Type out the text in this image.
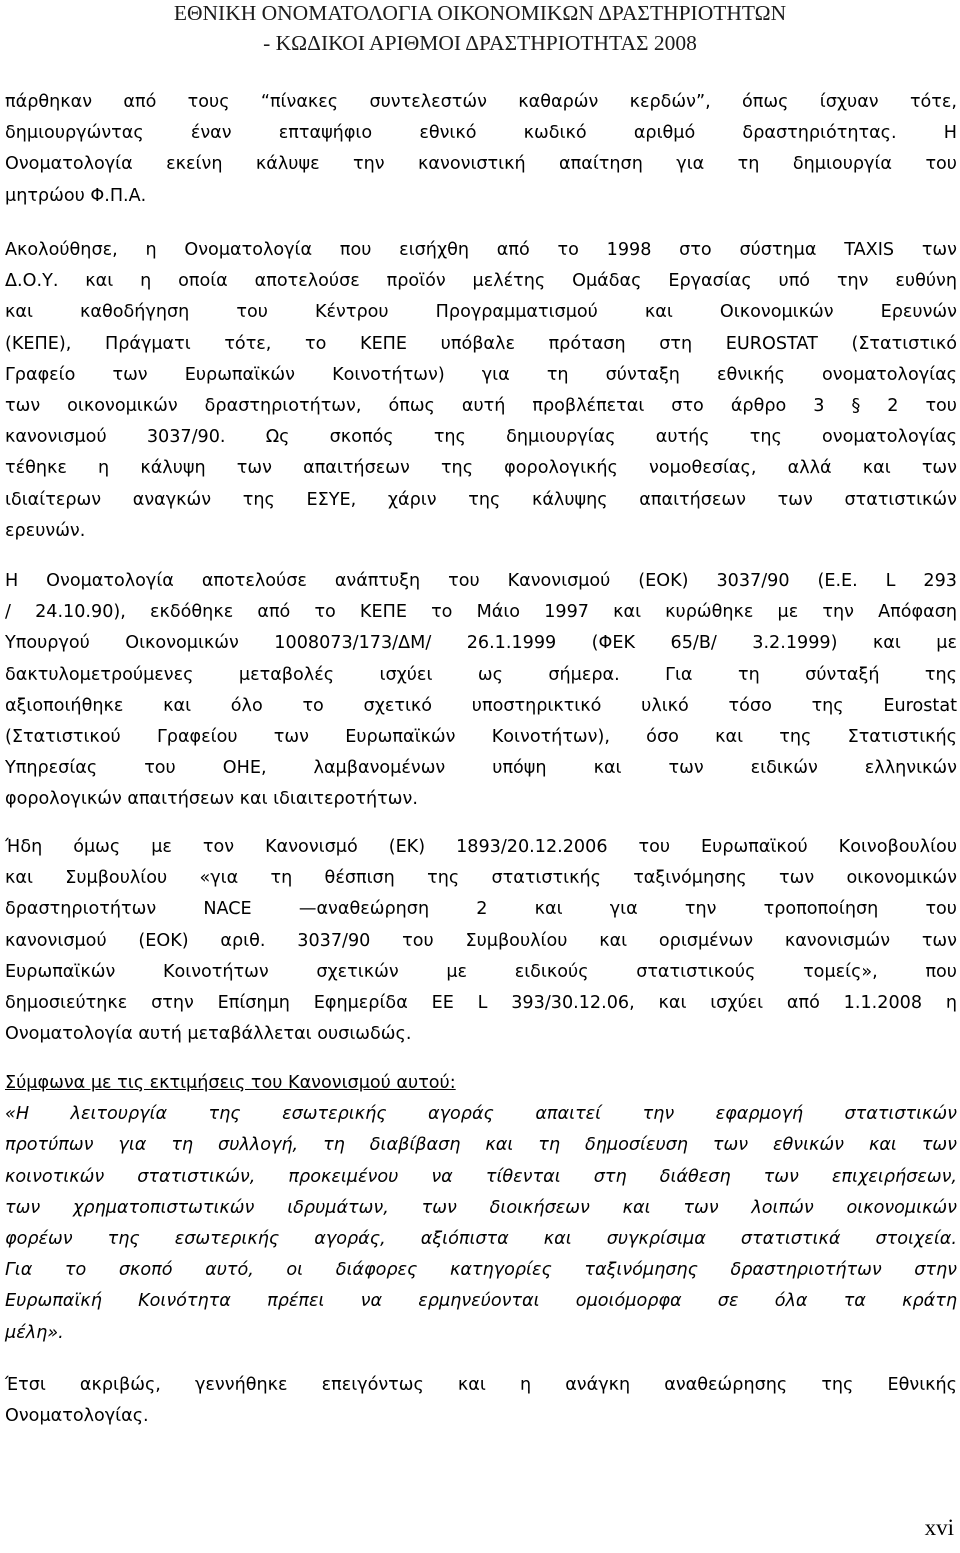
ΕΘΝΙΚΗ ΟΝΟΜΑΤΟΛΟΓΙΑ ΟΙΚΟΝΟΜΙΚΩΝ ΔΡΑΣΤΗΡΙΟΤΗΤΩΝ
- ΚΩΔΙΚΟΙ ΑΡΙΘΜΟΙ ΔΡΑΣΤΗΡΙΟΤΗΤΑΣ 2008
πάρθηκαν από τους “πίνακες συντελεστών καθαρών κερδών”, όπως ίσχυαν τότε,
δημιουργώντας έναν επταψήφιο εθνικό κωδικό αριθμό δραστηριότητας. Η
Ονοματολογία εκείνη κάλυψε την κανονιστική απαίτηση για τη δημιουργία του
μητρώου Φ.Π.Α.
Ακολούθησε, η Ονοματολογία που εισήχθη από το 1998 στο σύστημα TAXIS των
Δ.Ο.Υ. και η οποία αποτελούσε προϊόν μελέτης Ομάδας Εργασίας υπό την ευθύνη
και καθοδήγηση του Κέντρου Προγραμματισμού και Οικονομικών Ερευνών
(ΚΕΠΕ), Πράγματι τότε, το ΚΕΠΕ υπόβαλε πρόταση στη EUROSTAT (Στατιστικό
Γραφείο των Ευρωπαϊκών Κοινοτήτων) για τη σύνταξη εθνικής ονοματολογίας
των οικονομικών δραστηριοτήτων, όπως αυτή προβλέπεται στο άρθρο 3 § 2 του
κανονισμού 3037/90. Ως σκοπός της δημιουργίας αυτής της ονοματολογίας
τέθηκε η κάλυψη των απαιτήσεων της φορολογικής νομοθεσίας, αλλά και των
ιδιαίτερων αναγκών της ΕΣΥΕ, χάριν της κάλυψης απαιτήσεων των στατιστικών
ερευνών.
Η Ονοματολογία αποτελούσε ανάπτυξη του Κανονισμού (ΕΟΚ) 3037/90 (Ε.Ε. L 293
/ 24.10.90), εκδόθηκε από το ΚΕΠΕ το Μάιο 1997 και κυρώθηκε με την Απόφαση
Υπουργού Οικονομικών 1008073/173/ΔΜ/ 26.1.1999 (ΦΕΚ 65/Β/ 3.2.1999) και με
δακτυλομετρούμενες μεταβολές ισχύει ως σήμερα. Για τη σύνταξή της
αξιοποιήθηκε και όλο το σχετικό υποστηρικτικό υλικό τόσο της Eurostat
(Στατιστικού Γραφείου των Ευρωπαϊκών Κοινοτήτων), όσο και της Στατιστικής
Υπηρεσίας του ΟΗΕ, λαμβανομένων υπόψη και των ειδικών ελληνικών
φορολογικών απαιτήσεων και ιδιαιτεροτήτων.
Ήδη όμως με τον Κανονισμό (ΕΚ) 1893/20.12.2006 του Ευρωπαϊκού Κοινοβουλίου
και Συμβουλίου «για τη θέσπιση της στατιστικής ταξινόμησης των οικονομικών
δραστηριοτήτων NACE —αναθεώρηση 2 και για την τροποποίηση του
κανονισμού (ΕΟΚ) αριθ. 3037/90 του Συμβουλίου και ορισμένων κανονισμών των
Ευρωπαϊκών Κοινοτήτων σχετικών με ειδικούς στατιστικούς τομείς», που
δημοσιεύτηκε στην Επίσημη Εφημερίδα ΕΕ L 393/30.12.06, και ισχύει από 1.1.2008 η
Ονοματολογία αυτή μεταβάλλεται ουσιωδώς.
Σύμφωνα με τις εκτιμήσεις του Κανονισμού αυτού:
«Η λειτουργία της εσωτερικής αγοράς απαιτεί την εφαρμογή στατιστικών
προτύπων για τη συλλογή, τη διαβίβαση και τη δημοσίευση των εθνικών και των
κοινοτικών στατιστικών, προκειμένου να τίθενται στη διάθεση των επιχειρήσεων,
των χρηματοπιστωτικών ιδρυμάτων, των διοικήσεων και των λοιπών οικονομικών
φορέων της εσωτερικής αγοράς, αξιόπιστα και συγκρίσιμα στατιστικά στοιχεία.
Για το σκοπό αυτό, οι διάφορες κατηγορίες ταξινόμησης δραστηριοτήτων στην
Ευρωπαϊκή Κοινότητα πρέπει να ερμηνεύονται ομοιόμορφα σε όλα τα κράτη
μέλη».
Έτσι ακριβώς, γεννήθηκε επειγόντως και η ανάγκη αναθεώρησης της Εθνικής
Ονοματολογίας.
xvi
